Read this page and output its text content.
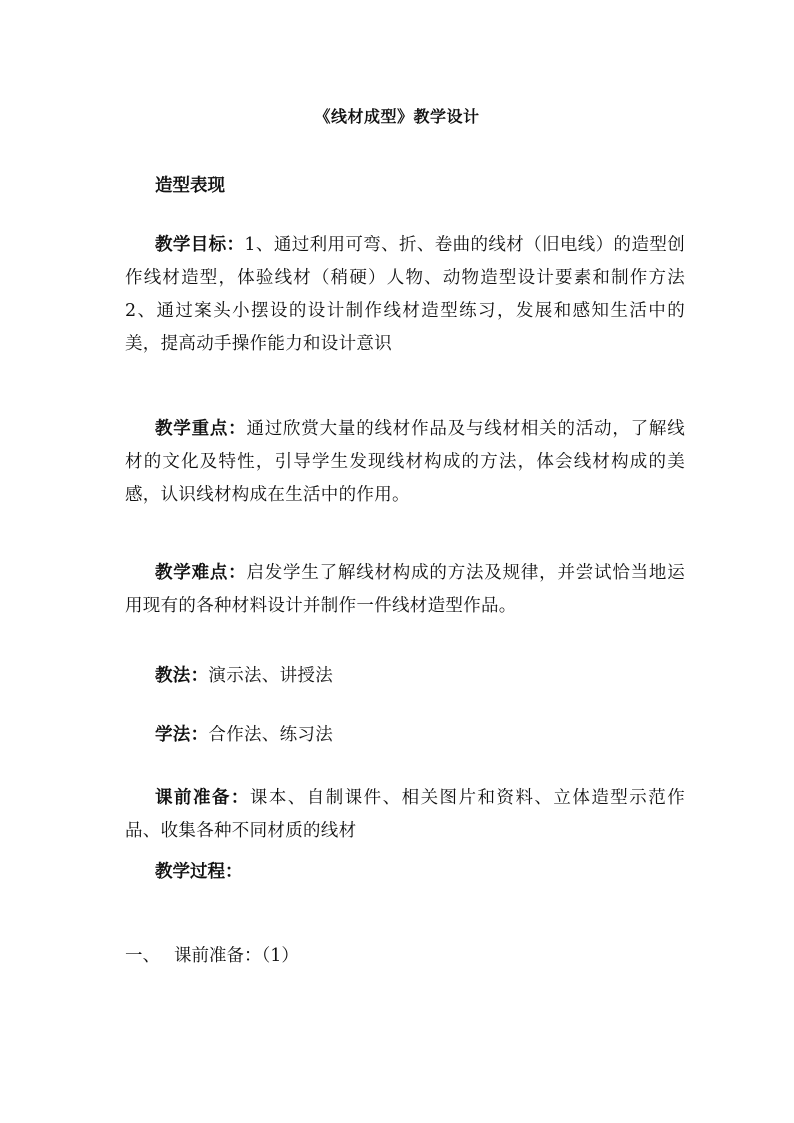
《线材成型》教学设计
造型表现
教学目标：1、通过利用可弯、折、卷曲的线材（旧电线）的造型创作线材造型，体验线材（稍硬）人物、动物造型设计要素和制作方法 2、通过案头小摆设的设计制作线材造型练习，发展和感知生活中的美，提高动手操作能力和设计意识
教学重点：通过欣赏大量的线材作品及与线材相关的活动，了解线材的文化及特性，引导学生发现线材构成的方法，体会线材构成的美感，认识线材构成在生活中的作用。
教学难点：启发学生了解线材构成的方法及规律，并尝试恰当地运用现有的各种材料设计并制作一件线材造型作品。
教法：演示法、讲授法
学法：合作法、练习法
课前准备：课本、自制课件、相关图片和资料、立体造型示范作品、收集各种不同材质的线材
教学过程：
一、 课前准备：（1）
